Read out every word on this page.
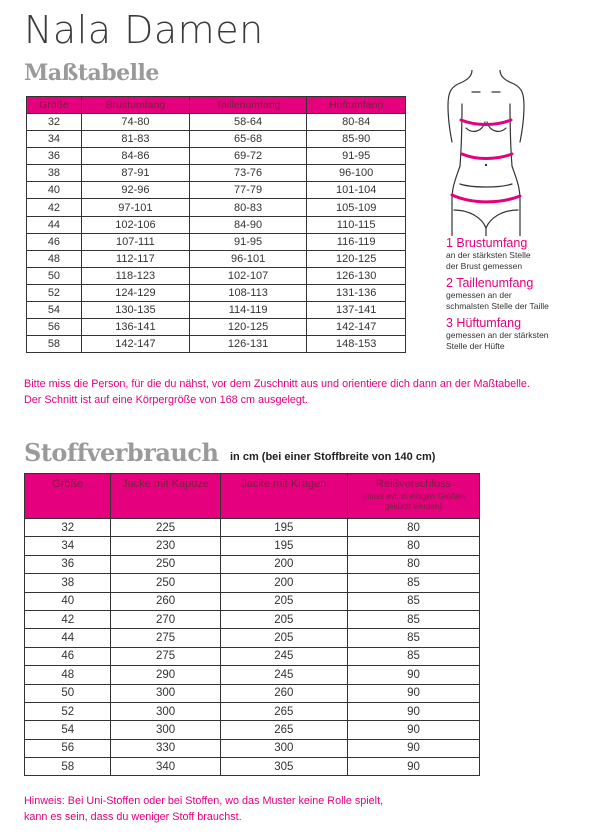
Nala Damen
Maßtabelle
Größe	Brustumfang	Taillenumfang	Hüftumfang
32	74-80	58-64	80-84
34	81-83	65-68	85-90
36	84-86	69-72	91-95
38	87-91	73-76	96-100
40	92-96	77-79	101-104
42	97-101	80-83	105-109
44	102-106	84-90	110-115
46	107-111	91-95	116-119
48	112-117	96-101	120-125
50	118-123	102-107	126-130
52	124-129	108-113	131-136
54	130-135	114-119	137-141
56	136-141	120-125	142-147
58	142-147	126-131	148-153
1 Brustumfang
an der stärksten Stelle
der Brust gemessen
2 Taillenumfang
gemessen an der
schmalsten Stelle der Taille
3 Hüftumfang
gemessen an der stärksten
Stelle der Hüfte

Bitte miss die Person, für die du nähst, vor dem Zuschnitt aus und orientiere dich dann an der Maßtabelle.
Der Schnitt ist auf eine Körpergröße von 168 cm ausgelegt.

Stoffverbrauch in cm (bei einer Stoffbreite von 140 cm)
Größe	Jacke mit Kapuze	Jacke mit Kragen	Reißverschluss
(muss evt. in einigen Größen gekürzt werden)

32	225	195	80
34	230	195	80
36	250	200	80
38	250	200	85
40	260	205	85
42	270	205	85
44	275	205	85
46	275	245	85
48	290	245	90
50	300	260	90
52	300	265	90
54	300	265	90
56	330	300	90
58	340	305	90

Hinweis: Bei Uni-Stoffen oder bei Stoffen, wo das Muster keine Rolle spielt,
kann es sein, dass du weniger Stoff brauchst.
